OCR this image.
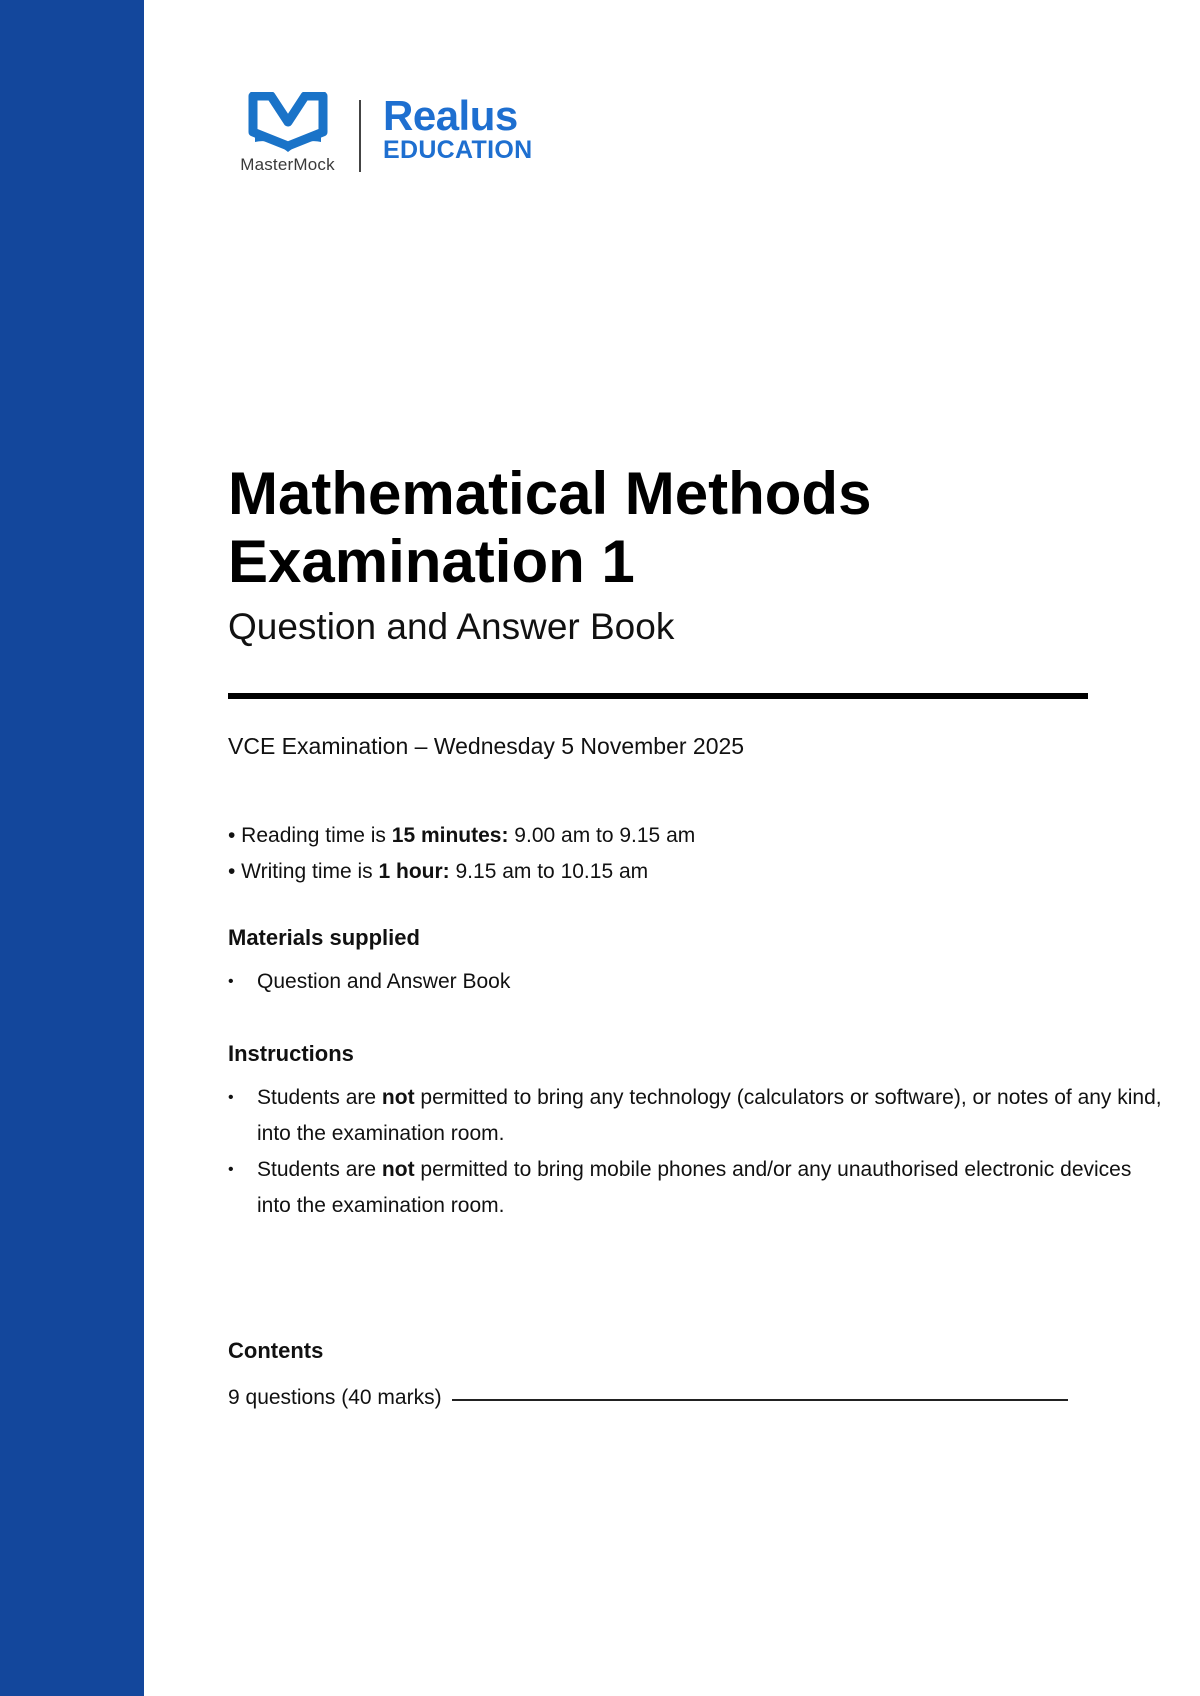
MasterMock
Realus
EDUCATION
Mathematical Methods
Examination 1
Question and Answer Book
VCE Examination – Wednesday 5 November 2025
• Reading time is 15 minutes: 9.00 am to 9.15 am
• Writing time is 1 hour: 9.15 am to 10.15 am
Materials supplied
•	Question and Answer Book
Instructions
•	Students are not permitted to bring any technology (calculators or software), or notes of any kind, into the examination room.
•	Students are not permitted to bring mobile phones and/or any unauthorised electronic devices into the examination room.
Contents
9 questions (40 marks)
